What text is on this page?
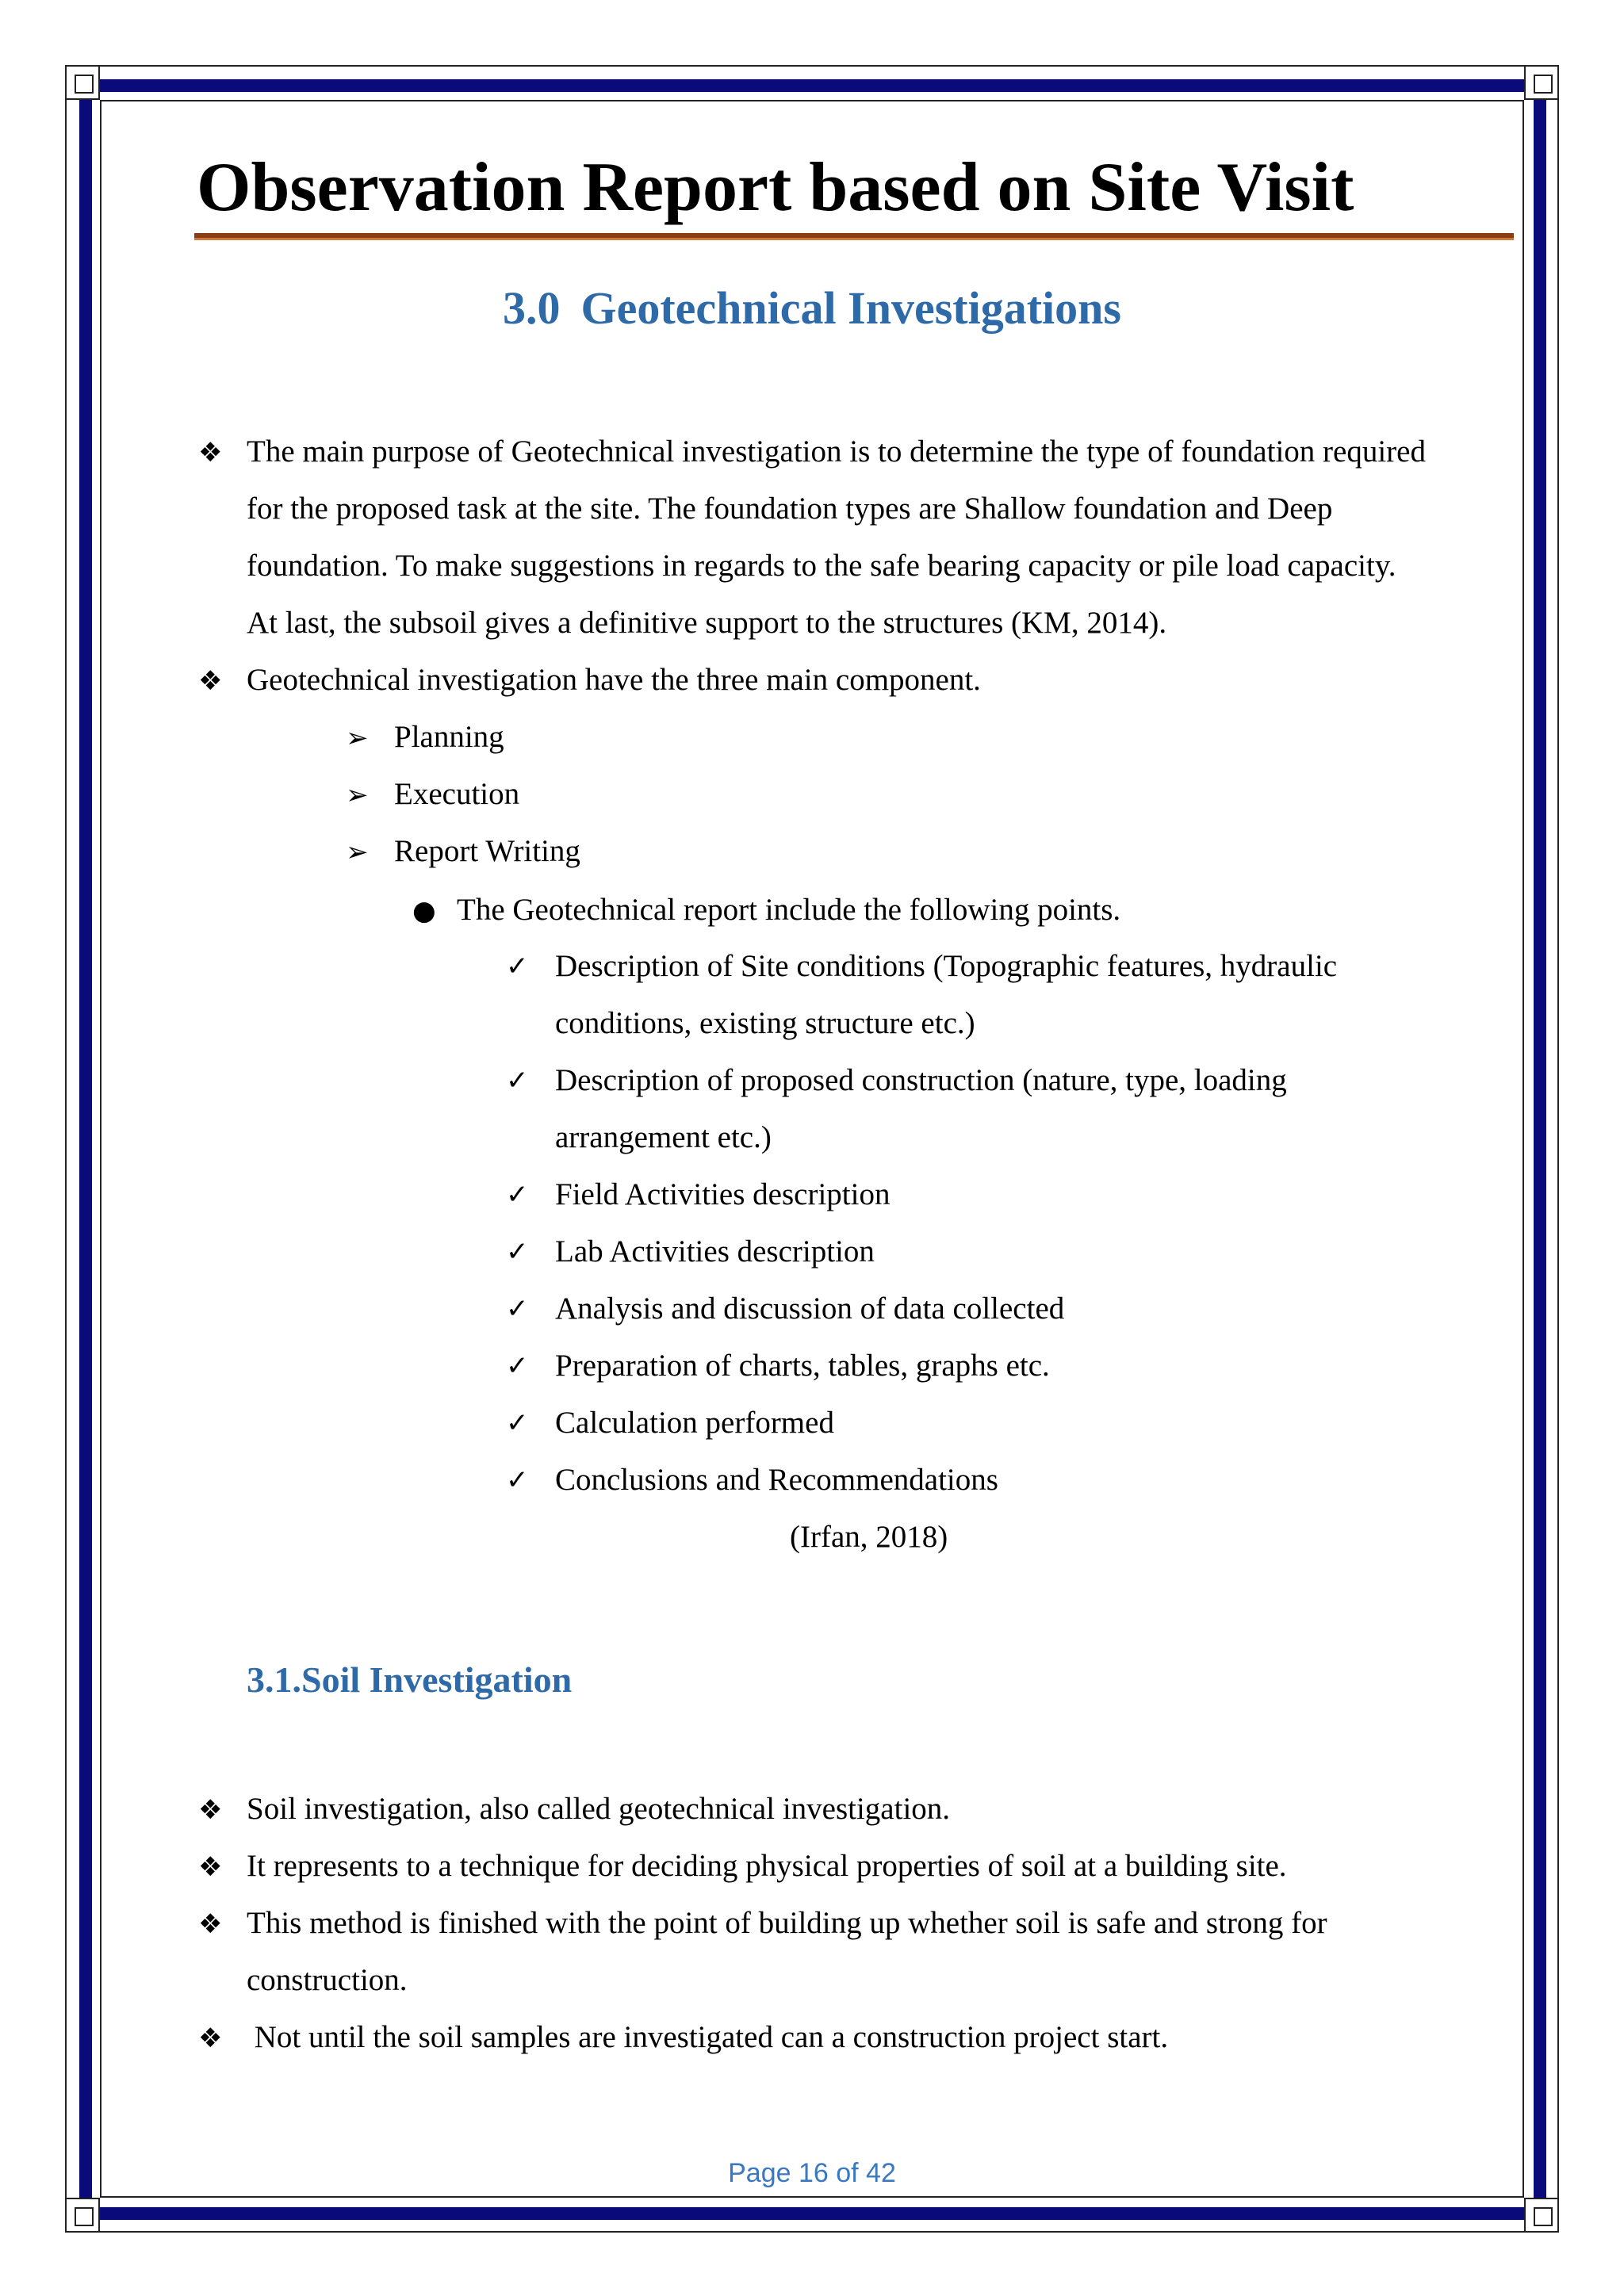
Observation Report based on Site Visit
3.0 Geotechnical Investigations
❖ The main purpose of Geotechnical investigation is to determine the type of foundation required
for the proposed task at the site. The foundation types are Shallow foundation and Deep
foundation. To make suggestions in regards to the safe bearing capacity or pile load capacity.
At last, the subsoil gives a definitive support to the structures (KM, 2014).
❖ Geotechnical investigation have the three main component.
➢ Planning
➢ Execution
➢ Report Writing
● The Geotechnical report include the following points.
✓ Description of Site conditions (Topographic features, hydraulic
conditions, existing structure etc.)
✓ Description of proposed construction (nature, type, loading
arrangement etc.)
✓ Field Activities description
✓ Lab Activities description
✓ Analysis and discussion of data collected
✓ Preparation of charts, tables, graphs etc.
✓ Calculation performed
✓ Conclusions and Recommendations
(Irfan, 2018)
3.1.Soil Investigation
❖ Soil investigation, also called geotechnical investigation.
❖ It represents to a technique for deciding physical properties of soil at a building site.
❖ This method is finished with the point of building up whether soil is safe and strong for
construction.
❖ Not until the soil samples are investigated can a construction project start.
Page 16 of 42
